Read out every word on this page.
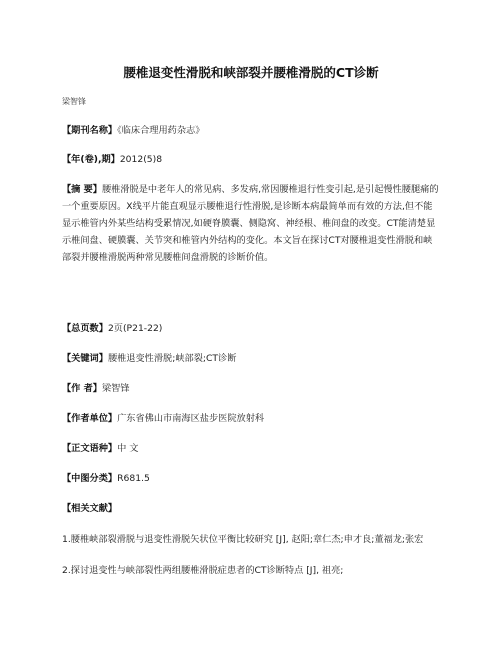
腰椎退变性滑脱和峡部裂并腰椎滑脱的CT诊断
梁智锋
【期刊名称】《临床合理用药杂志》
【年(卷),期】2012(5)8
【摘 要】腰椎滑脱是中老年人的常见病、多发病,常因腰椎退行性变引起,是引起慢性腰腿痛的一个重要原因。X线平片能直观显示腰椎退行性滑脱,是诊断本病最简单而有效的方法,但不能显示椎管内外某些结构受累情况,如硬脊膜囊、侧隐窝、神经根、椎间盘的改变。CT能清楚显示椎间盘、硬膜囊、关节突和椎管内外结构的变化。本文旨在探讨CT对腰椎退变性滑脱和峡部裂并腰椎滑脱两种常见腰椎间盘滑脱的诊断价值。
【总页数】2页(P21-22)
【关键词】腰椎退变性滑脱;峡部裂;CT诊断
【作 者】梁智锋
【作者单位】广东省佛山市南海区盐步医院放射科
【正文语种】中 文
【中图分类】R681.5
【相关文献】
1.腰椎峡部裂滑脱与退变性滑脱矢状位平衡比较研究 [J], 赵阳;章仁杰;申才良;董福龙;张宏
2.探讨退变性与峡部裂性两组腰椎滑脱症患者的CT诊断特点 [J], 祖亮;
